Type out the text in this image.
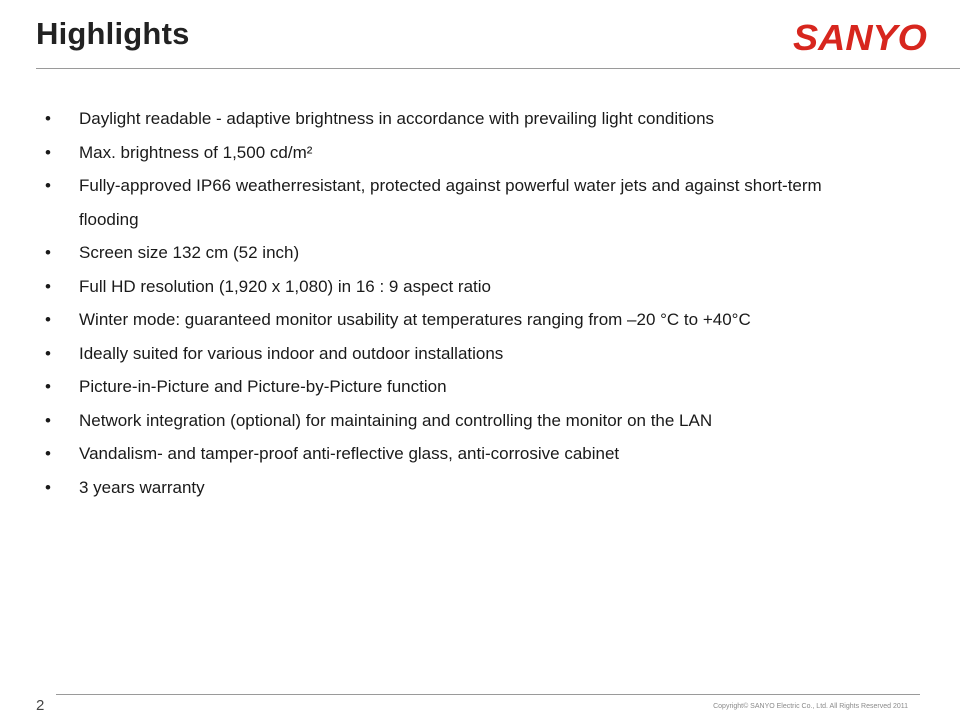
Highlights	SANYO
• Daylight readable - adaptive brightness in accordance with prevailing light conditions
• Max. brightness of 1,500 cd/m²
• Fully-approved IP66 weatherresistant, protected against powerful water jets and against short-term flooding
• Screen size 132 cm (52 inch)
• Full HD resolution (1,920 x 1,080) in 16 : 9 aspect ratio
• Winter mode: guaranteed monitor usability at temperatures ranging from –20 °C to +40°C
• Ideally suited for various indoor and outdoor installations
• Picture-in-Picture and Picture-by-Picture function
• Network integration (optional) for maintaining and controlling the monitor on the LAN
• Vandalism- and tamper-proof anti-reflective glass, anti-corrosive cabinet
• 3 years warranty
2	Copyright© SANYO Electric Co., Ltd. All Rights Reserved 2011
